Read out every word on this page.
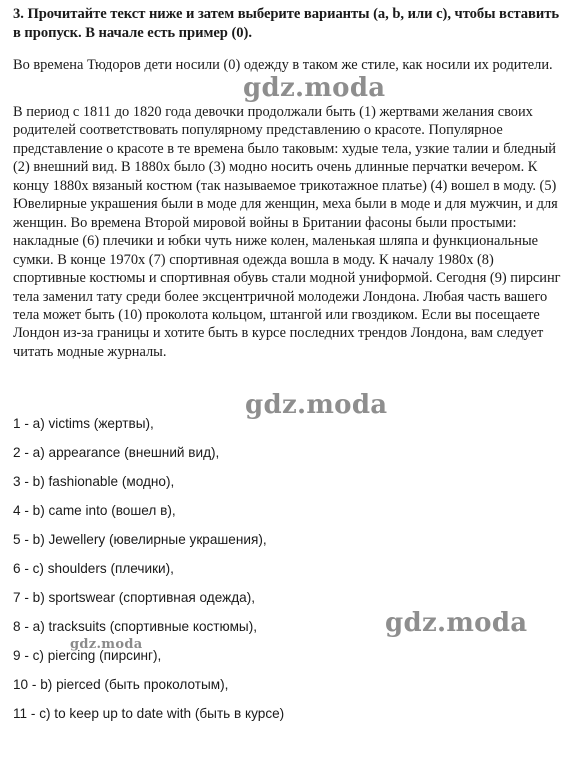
3. Прочитайте текст ниже и затем выберите варианты (a, b, или c), чтобы вставить в пропуск. В начале есть пример (0).
Во времена Тюдоров дети носили (0) одежду в таком же стиле, как носили их родители.
В период с 1811 до 1820 года девочки продолжали быть (1) жертвами желания своих родителей соответствовать популярному представлению о красоте. Популярное представление о красоте в те времена было таковым: худые тела, узкие талии и бледный (2) внешний вид. В 1880х было (3) модно носить очень длинные перчатки вечером. К концу 1880х вязаный костюм (так называемое трикотажное платье) (4) вошел в моду. (5) Ювелирные украшения были в моде для женщин, меха были в моде и для мужчин, и для женщин. Во времена Второй мировой войны в Британии фасоны были простыми: накладные (6) плечики и юбки чуть ниже колен, маленькая шляпа и функциональные сумки. В конце 1970х (7) спортивная одежда вошла в моду. К началу 1980х (8) спортивные костюмы и спортивная обувь стали модной униформой. Сегодня (9) пирсинг тела заменил тату среди более эксцентричной молодежи Лондона. Любая часть вашего тела может быть (10) проколота кольцом, штангой или гвоздиком. Если вы посещаете Лондон из-за границы и хотите быть в курсе последних трендов Лондона, вам следует читать модные журналы.
1 - a) victims (жертвы),
2 - a) appearance (внешний вид),
3 - b) fashionable (модно),
4 - b) came into (вошел в),
5 - b) Jewellery (ювелирные украшения),
6 - c) shoulders (плечики),
7 - b) sportswear (спортивная одежда),
8 - a) tracksuits (спортивные костюмы),
9 - c) piercing (пирсинг),
10 - b) pierced (быть проколотым),
11 - c) to keep up to date with (быть в курсе)
gdz.moda
gdz.moda
gdz.moda
gdz.moda
